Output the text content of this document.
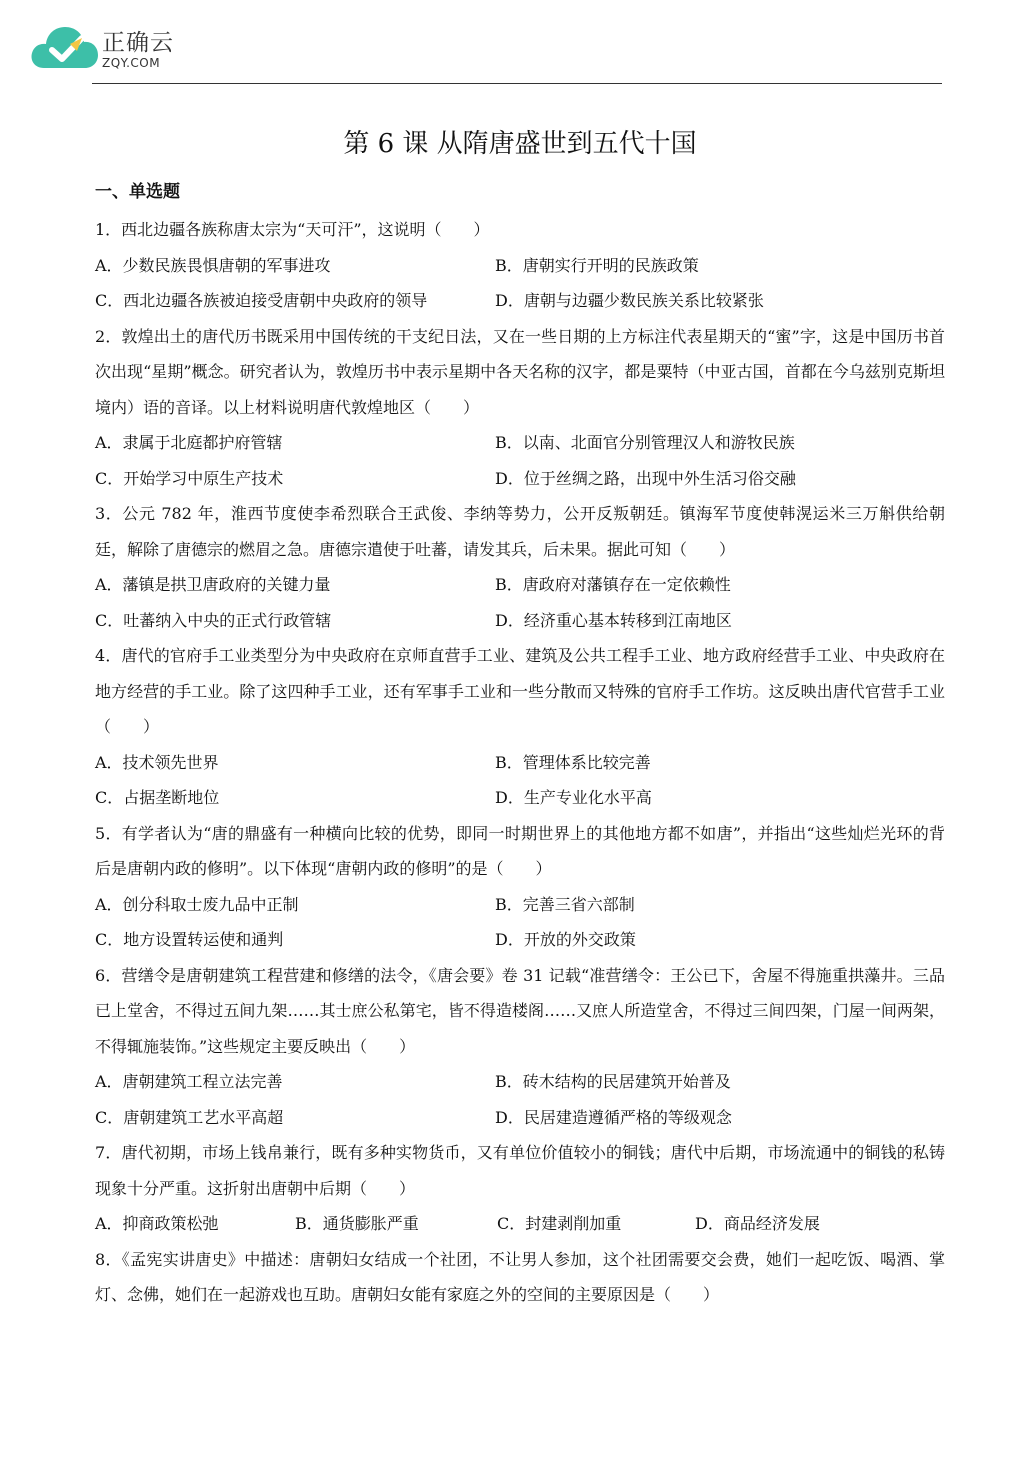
正确云
ZQY.COM
第 6 课 从隋唐盛世到五代十国
一、单选题

1．西北边疆各族称唐太宗为“天可汗”，这说明（　　）

A．少数民族畏惧唐朝的军事进攻	B．唐朝实行开明的民族政策
C．西北边疆各族被迫接受唐朝中央政府的领导	D．唐朝与边疆少数民族关系比较紧张

2．敦煌出土的唐代历书既采用中国传统的干支纪日法，又在一些日期的上方标注代表星期天的“蜜”字，这是中国历书首次出现“星期”概念。研究者认为，敦煌历书中表示星期中各天名称的汉字，都是粟特（中亚古国，首都在今乌兹别克斯坦境内）语的音译。以上材料说明唐代敦煌地区（　　）

A．隶属于北庭都护府管辖	B．以南、北面官分别管理汉人和游牧民族
C．开始学习中原生产技术	D．位于丝绸之路，出现中外生活习俗交融

3．公元 782 年，淮西节度使李希烈联合王武俊、李纳等势力，公开反叛朝廷。镇海军节度使韩滉运米三万斛供给朝廷，解除了唐德宗的燃眉之急。唐德宗遣使于吐蕃，请发其兵，后未果。据此可知（　　）

A．藩镇是拱卫唐政府的关键力量	B．唐政府对藩镇存在一定依赖性
C．吐蕃纳入中央的正式行政管辖	D．经济重心基本转移到江南地区

4．唐代的官府手工业类型分为中央政府在京师直营手工业、建筑及公共工程手工业、地方政府经营手工业、中央政府在地方经营的手工业。除了这四种手工业，还有军事手工业和一些分散而又特殊的官府手工作坊。这反映出唐代官营手工业（　　）

A．技术领先世界	B．管理体系比较完善
C．占据垄断地位	D．生产专业化水平高

5．有学者认为“唐的鼎盛有一种横向比较的优势，即同一时期世界上的其他地方都不如唐”，并指出“这些灿烂光环的背后是唐朝内政的修明”。以下体现“唐朝内政的修明”的是（　　）

A．创分科取士废九品中正制	B．完善三省六部制
C．地方设置转运使和通判	D．开放的外交政策

6．营缮令是唐朝建筑工程营建和修缮的法令，《唐会要》卷 31 记载“准营缮令：王公已下，舍屋不得施重拱藻井。三品已上堂舍，不得过五间九架……其士庶公私第宅，皆不得造楼阁……又庶人所造堂舍，不得过三间四架，门屋一间两架，不得辄施装饰。”这些规定主要反映出（　　）

A．唐朝建筑工程立法完善	B．砖木结构的民居建筑开始普及
C．唐朝建筑工艺水平高超	D．民居建造遵循严格的等级观念

7．唐代初期，市场上钱帛兼行，既有多种实物货币，又有单位价值较小的铜钱；唐代中后期，市场流通中的铜钱的私铸现象十分严重。这折射出唐朝中后期（　　）

A．抑商政策松弛	B．通货膨胀严重	C．封建剥削加重	D．商品经济发展

8．《孟宪实讲唐史》中描述：唐朝妇女结成一个社团，不让男人参加，这个社团需要交会费，她们一起吃饭、喝酒、掌灯、念佛，她们在一起游戏也互助。唐朝妇女能有家庭之外的空间的主要原因是（　　）
